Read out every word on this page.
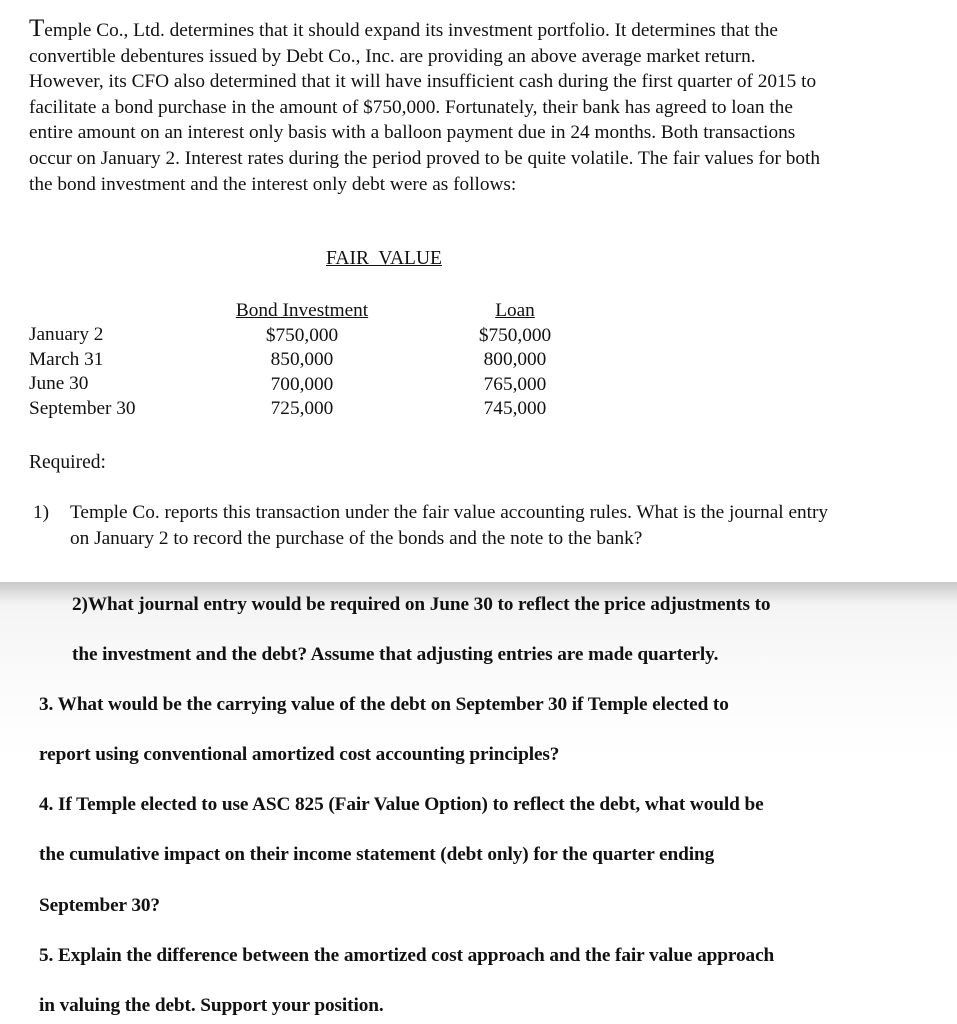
Temple Co., Ltd. determines that it should expand its investment portfolio. It determines that the

convertible debentures issued by Debt Co., Inc. are providing an above average market return.

However, its CFO also determined that it will have insufficient cash during the first quarter of 2015 to

facilitate a bond purchase in the amount of $750,000. Fortunately, their bank has agreed to loan the

entire amount on an interest only basis with a balloon payment due in 24 months. Both transactions

occur on January 2. Interest rates during the period proved to be quite volatile. The fair values for both

the bond investment and the interest only debt were as follows:

FAIR  VALUE
January 2
March 31
June 30
September 30
Bond Investment
$750,000
850,000
700,000
725,000
Loan
$750,000
800,000
765,000
745,000
Required:
1) Temple Co. reports this transaction under the fair value accounting rules. What is the journal entry
on January 2 to record the purchase of the bonds and the note to the bank?
2)What journal entry would be required on June 30 to reflect the price adjustments to
the investment and the debt? Assume that adjusting entries are made quarterly.
3. What would be the carrying value of the debt on September 30 if Temple elected to
report using conventional amortized cost accounting principles?
4. If Temple elected to use ASC 825 (Fair Value Option) to reflect the debt, what would be
the cumulative impact on their income statement (debt only) for the quarter ending
September 30?
5. Explain the difference between the amortized cost approach and the fair value approach
in valuing the debt. Support your position.
